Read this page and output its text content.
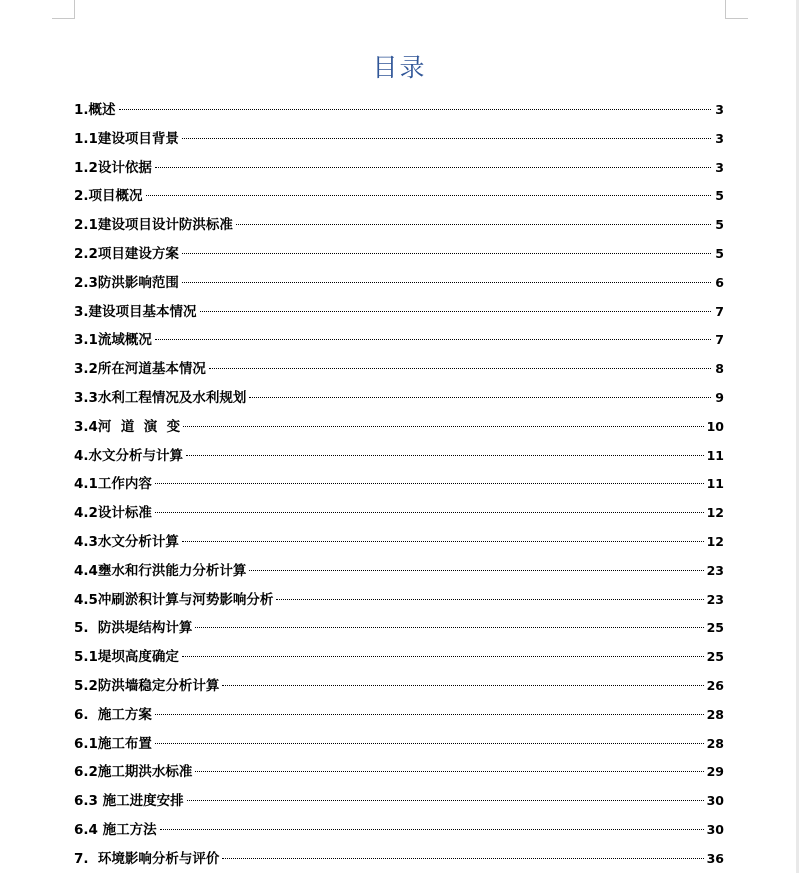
目录
1.概述	3
1.1建设项目背景	3
1.2设计依据	3
2.项目概况	5
2.1建设项目设计防洪标准	5
2.2项目建设方案	5
2.3防洪影响范围	6
3.建设项目基本情况	7
3.1流域概况	7
3.2所在河道基本情况	8
3.3水利工程情况及水利规划	9
3.4河  道  演  变	10
4.水文分析与计算	11
4.1工作内容	11
4.2设计标准	12
4.3水文分析计算	12
4.4壅水和行洪能力分析计算	23
4.5冲刷淤积计算与河势影响分析	23
5.  防洪堤结构计算	25
5.1堤坝高度确定	25
5.2防洪墙稳定分析计算	26
6.  施工方案	28
6.1施工布置	28
6.2施工期洪水标准	29
6.3 施工进度安排	30
6.4 施工方法	30
7.  环境影响分析与评价	36
